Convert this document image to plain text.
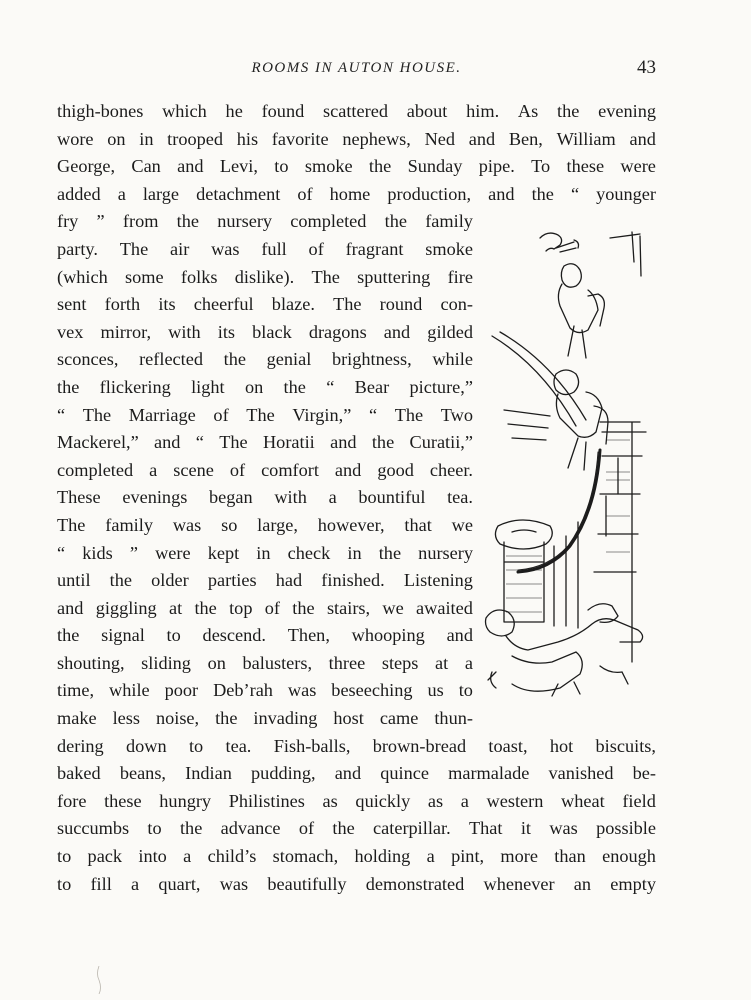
ROOMS IN AUTON HOUSE.	43
thigh-bones which he found scattered about him. As the evening
wore on in trooped his favorite nephews, Ned and Ben, William and
George, Can and Levi, to smoke the Sunday pipe. To these were
added a large detachment of home production, and the “ younger
fry ” from the nursery completed the family
party. The air was full of fragrant smoke
(which some folks dislike). The sputtering fire
sent forth its cheerful blaze. The round con-
vex mirror, with its black dragons and gilded
sconces, reflected the genial brightness, while
the flickering light on the “ Bear picture,”
“ The Marriage of The Virgin,” “ The Two
Mackerel,” and “ The Horatii and the Curatii,”
completed a scene of comfort and good cheer.
These evenings began with a bountiful tea.
The family was so large, however, that we
“ kids ” were kept in check in the nursery
until the older parties had finished. Listening
and giggling at the top of the stairs, we awaited
the signal to descend. Then, whooping and
shouting, sliding on balusters, three steps at a
time, while poor Deb’rah was beseeching us to
make less noise, the invading host came thun-
dering down to tea. Fish-balls, brown-bread toast, hot biscuits,
baked beans, Indian pudding, and quince marmalade vanished be-
fore these hungry Philistines as quickly as a western wheat field
succumbs to the advance of the caterpillar. That it was possible
to pack into a child’s stomach, holding a pint, more than enough
to fill a quart, was beautifully demonstrated whenever an empty
